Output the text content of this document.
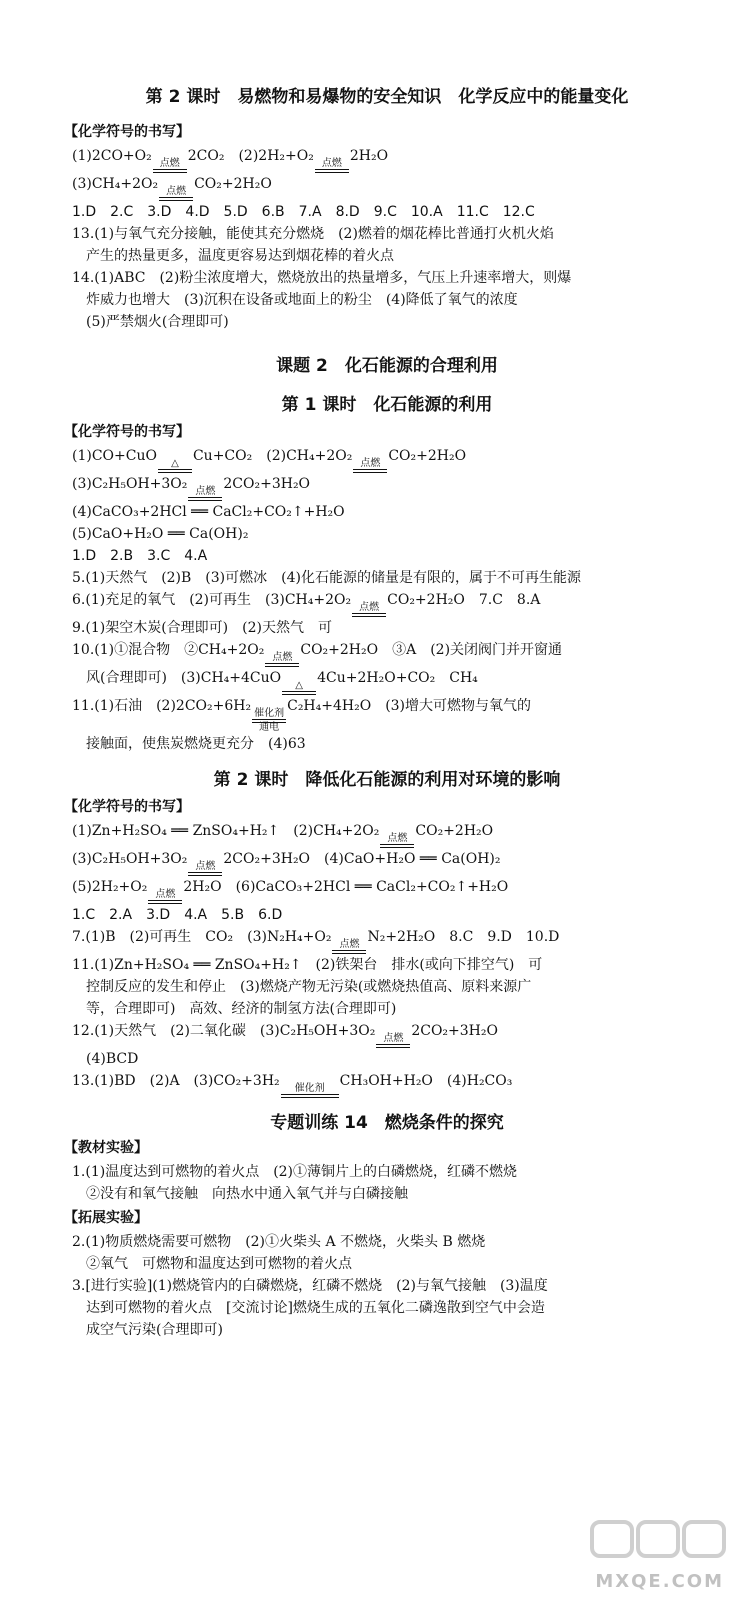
第 2 课时　易燃物和易爆物的安全知识　化学反应中的能量变化
【化学符号的书写】
(1)2CO+O₂ 点燃 2CO₂　(2)2H₂+O₂ 点燃 2H₂O
(3)CH₄+2O₂ 点燃 CO₂+2H₂O
1.D　2.C　3.D　4.D　5.D　6.B　7.A　8.D　9.C　10.A　11.C　12.C
13.(1)与氧气充分接触，能使其充分燃烧　(2)燃着的烟花棒比普通打火机火焰
产生的热量更多，温度更容易达到烟花棒的着火点
14.(1)ABC　(2)粉尘浓度增大，燃烧放出的热量增多，气压上升速率增大，则爆
炸威力也增大　(3)沉积在设备或地面上的粉尘　(4)降低了氧气的浓度
(5)严禁烟火(合理即可)
课题 2　化石能源的合理利用
第 1 课时　化石能源的利用
【化学符号的书写】
(1)CO+CuO △ Cu+CO₂　(2)CH₄+2O₂ 点燃 CO₂+2H₂O
(3)C₂H₅OH+3O₂ 点燃 2CO₂+3H₂O
(4)CaCO₃+2HCl ══ CaCl₂+CO₂↑+H₂O
(5)CaO+H₂O ══ Ca(OH)₂
1.D　2.B　3.C　4.A
5.(1)天然气　(2)B　(3)可燃冰　(4)化石能源的储量是有限的，属于不可再生能源
6.(1)充足的氧气　(2)可再生　(3)CH₄+2O₂ 点燃 CO₂+2H₂O　7.C　8.A
9.(1)架空木炭(合理即可)　(2)天然气　可
10.(1)①混合物　②CH₄+2O₂ 点燃 CO₂+2H₂O　③A　(2)关闭阀门并开窗通
风(合理即可)　(3)CH₄+4CuO △ 4Cu+2H₂O+CO₂　CH₄
11.(1)石油　(2)2CO₂+6H₂ 催化剂
通电
C₂H₄+4H₂O　(3)增大可燃物与氧气的
接触面，使焦炭燃烧更充分　(4)63
第 2 课时　降低化石能源的利用对环境的影响
【化学符号的书写】
(1)Zn+H₂SO₄ ══ ZnSO₄+H₂↑　(2)CH₄+2O₂ 点燃 CO₂+2H₂O
(3)C₂H₅OH+3O₂ 点燃 2CO₂+3H₂O　(4)CaO+H₂O ══ Ca(OH)₂
(5)2H₂+O₂ 点燃 2H₂O　(6)CaCO₃+2HCl ══ CaCl₂+CO₂↑+H₂O
1.C　2.A　3.D　4.A　5.B　6.D
7.(1)B　(2)可再生　CO₂　(3)N₂H₄+O₂ 点燃 N₂+2H₂O　8.C　9.D　10.D
11.(1)Zn+H₂SO₄ ══ ZnSO₄+H₂↑　(2)铁架台　排水(或向下排空气)　可
控制反应的发生和停止　(3)燃烧产物无污染(或燃烧热值高、原料来源广
等，合理即可)　高效、经济的制氢方法(合理即可)
12.(1)天然气　(2)二氧化碳　(3)C₂H₅OH+3O₂ 点燃 2CO₂+3H₂O
(4)BCD
13.(1)BD　(2)A　(3)CO₂+3H₂ 催化剂 CH₃OH+H₂O　(4)H₂CO₃
专题训练 14　燃烧条件的探究
【教材实验】
1.(1)温度达到可燃物的着火点　(2)①薄铜片上的白磷燃烧，红磷不燃烧
②没有和氧气接触　向热水中通入氧气并与白磷接触
【拓展实验】
2.(1)物质燃烧需要可燃物　(2)①火柴头 A 不燃烧，火柴头 B 燃烧
②氧气　可燃物和温度达到可燃物的着火点
3.[进行实验](1)燃烧管内的白磷燃烧，红磷不燃烧　(2)与氧气接触　(3)温度
达到可燃物的着火点　[交流讨论]燃烧生成的五氧化二磷逸散到空气中会造
成空气污染(合理即可)
MXQE.COM
